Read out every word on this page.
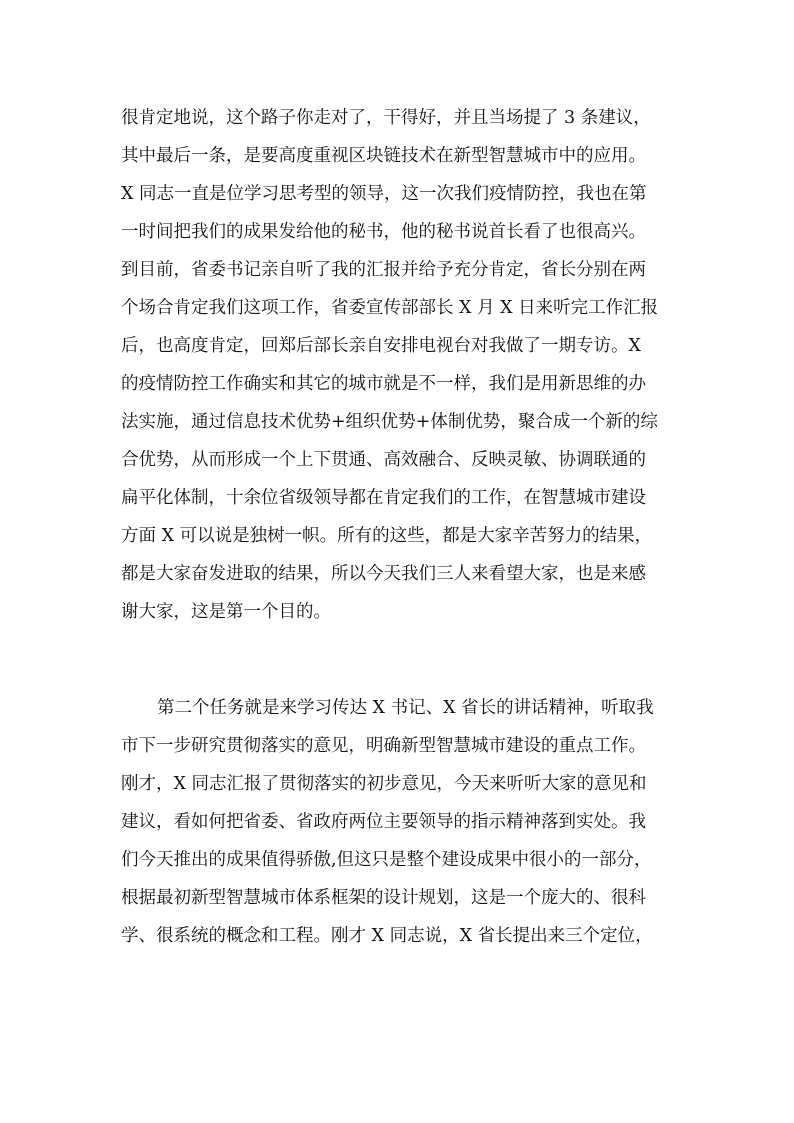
很肯定地说，这个路子你走对了，干得好，并且当场提了 3 条建议，
其中最后一条，是要高度重视区块链技术在新型智慧城市中的应用。
X 同志一直是位学习思考型的领导，这一次我们疫情防控，我也在第
一时间把我们的成果发给他的秘书，他的秘书说首长看了也很高兴。
到目前，省委书记亲自听了我的汇报并给予充分肯定，省长分别在两
个场合肯定我们这项工作，省委宣传部部长 X 月 X 日来听完工作汇报
后，也高度肯定，回郑后部长亲自安排电视台对我做了一期专访。X
的疫情防控工作确实和其它的城市就是不一样，我们是用新思维的办
法实施，通过信息技术优势+组织优势+体制优势，聚合成一个新的综
合优势，从而形成一个上下贯通、高效融合、反映灵敏、协调联通的
扁平化体制，十余位省级领导都在肯定我们的工作，在智慧城市建设
方面 X 可以说是独树一帜。所有的这些，都是大家辛苦努力的结果，
都是大家奋发进取的结果，所以今天我们三人来看望大家，也是来感
谢大家，这是第一个目的。
第二个任务就是来学习传达 X 书记、X 省长的讲话精神，听取我
市下一步研究贯彻落实的意见，明确新型智慧城市建设的重点工作。
刚才，X 同志汇报了贯彻落实的初步意见，今天来听听大家的意见和
建议，看如何把省委、省政府两位主要领导的指示精神落到实处。我
们今天推出的成果值得骄傲,但这只是整个建设成果中很小的一部分，
根据最初新型智慧城市体系框架的设计规划，这是一个庞大的、很科
学、很系统的概念和工程。刚才 X 同志说，X 省长提出来三个定位，
